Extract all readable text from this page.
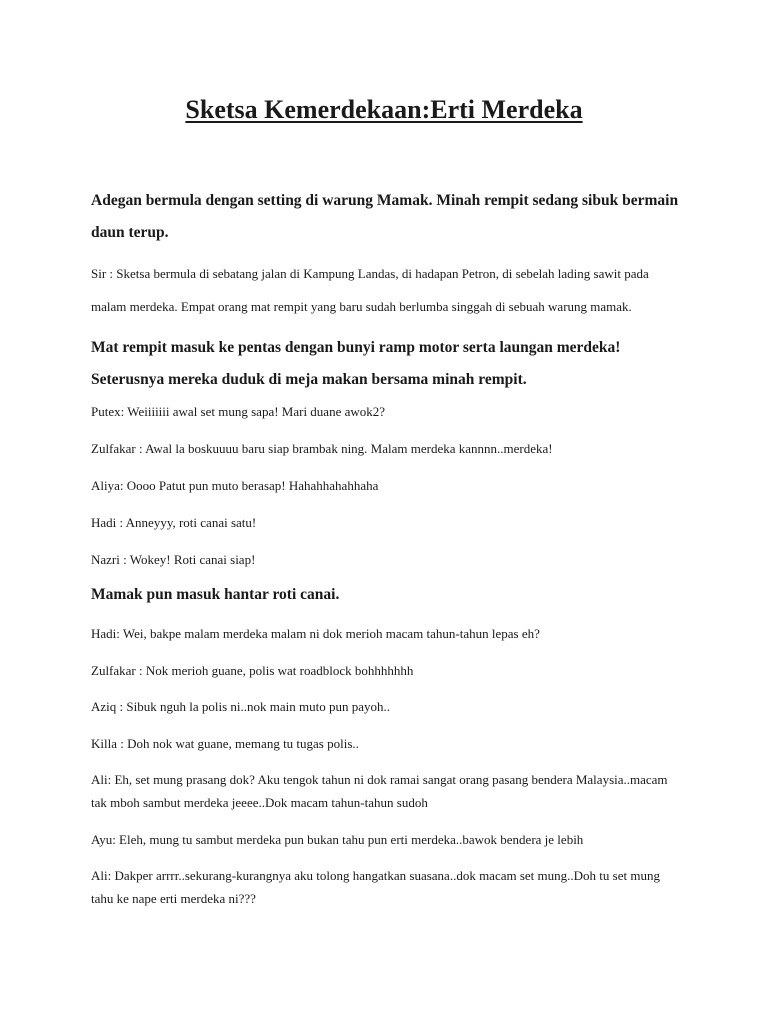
Sketsa Kemerdekaan:Erti Merdeka

Adegan bermula dengan setting di warung Mamak. Minah rempit sedang sibuk bermain

daun terup.

Sir : Sketsa bermula di sebatang jalan di Kampung Landas, di hadapan Petron, di sebelah lading sawit pada

malam merdeka. Empat orang mat rempit yang baru sudah berlumba singgah di sebuah warung mamak.

Mat rempit masuk ke pentas dengan bunyi ramp motor serta laungan merdeka!

Seterusnya mereka duduk di meja makan bersama minah rempit.

Putex: Weiiiiiii awal set mung sapa! Mari duane awok2?

Zulfakar : Awal la boskuuuu baru siap brambak ning. Malam merdeka kannnn..merdeka!

Aliya: Oooo Patut pun muto berasap! Hahahhahahhaha

Hadi : Anneyyy, roti canai satu!

Nazri : Wokey! Roti canai siap!

Mamak pun masuk hantar roti canai.

Hadi: Wei, bakpe malam merdeka malam ni dok merioh macam tahun-tahun lepas eh?

Zulfakar : Nok merioh guane, polis wat roadblock bohhhhhhh

Aziq : Sibuk nguh la polis ni..nok main muto pun payoh..

Killa : Doh nok wat guane, memang tu tugas polis..

Ali: Eh, set mung prasang dok? Aku tengok tahun ni dok ramai sangat orang pasang bendera Malaysia..macam

tak mboh sambut merdeka jeeee..Dok macam tahun-tahun sudoh

Ayu: Eleh, mung tu sambut merdeka pun bukan tahu pun erti merdeka..bawok bendera je lebih

Ali: Dakper arrrr..sekurang-kurangnya aku tolong hangatkan suasana..dok macam set mung..Doh tu set mung

tahu ke nape erti merdeka ni???
